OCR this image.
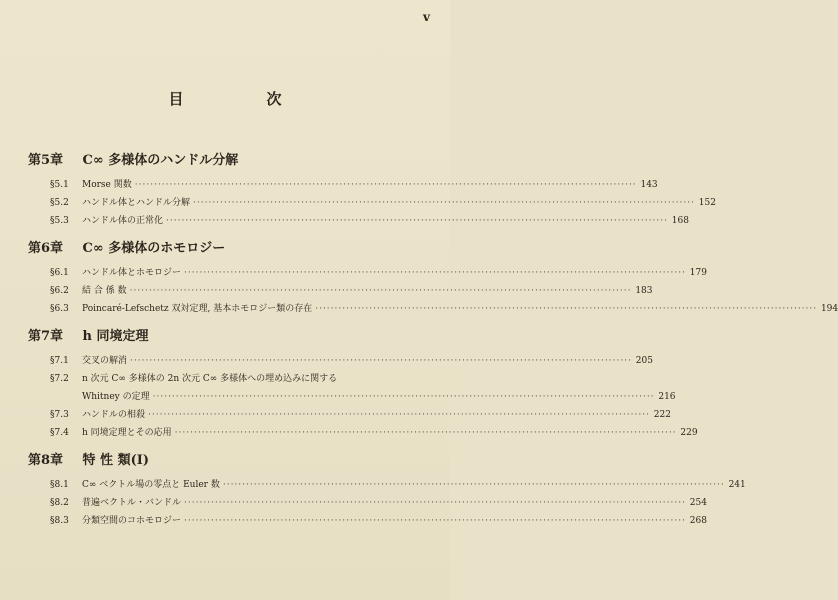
v
目　次
第5章 C∞ 多様体のハンドル分解
§5.1	Morse 関数 ·····	143
§5.2	ハンドル体とハンドル分解 ·····	152
§5.3	ハンドル体の正常化 ·····	168
第6章 C∞ 多様体のホモロジー
§6.1	ハンドル体とホモロジー ·····	179
§6.2	結 合 係 数 ·····	183
§6.3	Poincaré-Lefschetz 双対定理, 基本ホモロジー類の存在 ·····	194
第7章 h 同境定理
§7.1	交叉の解消 ·····	205
§7.2	n 次元 C∞ 多様体の 2n 次元 C∞ 多様体への埋め込みに関する
Whitney の定理 ·····	216
§7.3	ハンドルの相殺 ·····	222
§7.4	h 同境定理とその応用 ·····	229
第8章 特 性 類(I)
§8.1	C∞ ベクトル場の零点と Euler 数 ·····	241
§8.2	普遍ベクトル・バンドル ·····	254
§8.3	分類空間のコホモロジー ·····	268
